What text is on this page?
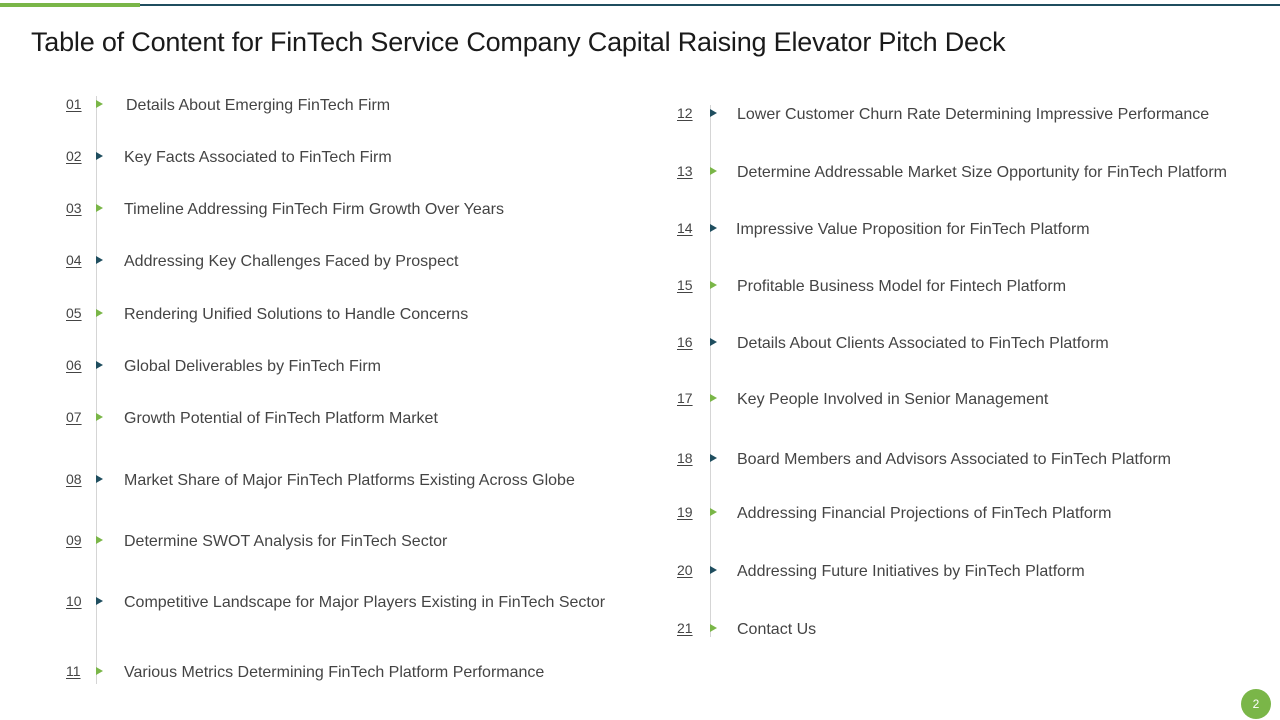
Table of Content for FinTech Service Company Capital Raising Elevator Pitch Deck
01	Details About Emerging FinTech Firm
02	Key Facts Associated to FinTech Firm
03	Timeline Addressing FinTech Firm Growth Over Years
04	Addressing Key Challenges Faced by Prospect
05	Rendering Unified Solutions to Handle Concerns
06	Global Deliverables by FinTech Firm
07	Growth Potential of FinTech Platform Market
08	Market Share of Major FinTech Platforms Existing Across Globe
09	Determine SWOT Analysis for FinTech Sector
10	Competitive Landscape for Major Players Existing in FinTech Sector
11	Various Metrics Determining FinTech Platform Performance
12	Lower Customer Churn Rate Determining Impressive Performance
13	Determine Addressable Market Size Opportunity for FinTech Platform
14	Impressive Value Proposition for FinTech Platform
15	Profitable Business Model for Fintech Platform
16	Details About Clients Associated to FinTech Platform
17	Key People Involved in Senior Management
18	Board Members and Advisors Associated to FinTech Platform
19	Addressing Financial Projections of FinTech Platform
20	Addressing Future Initiatives by FinTech Platform
21	Contact Us
2
